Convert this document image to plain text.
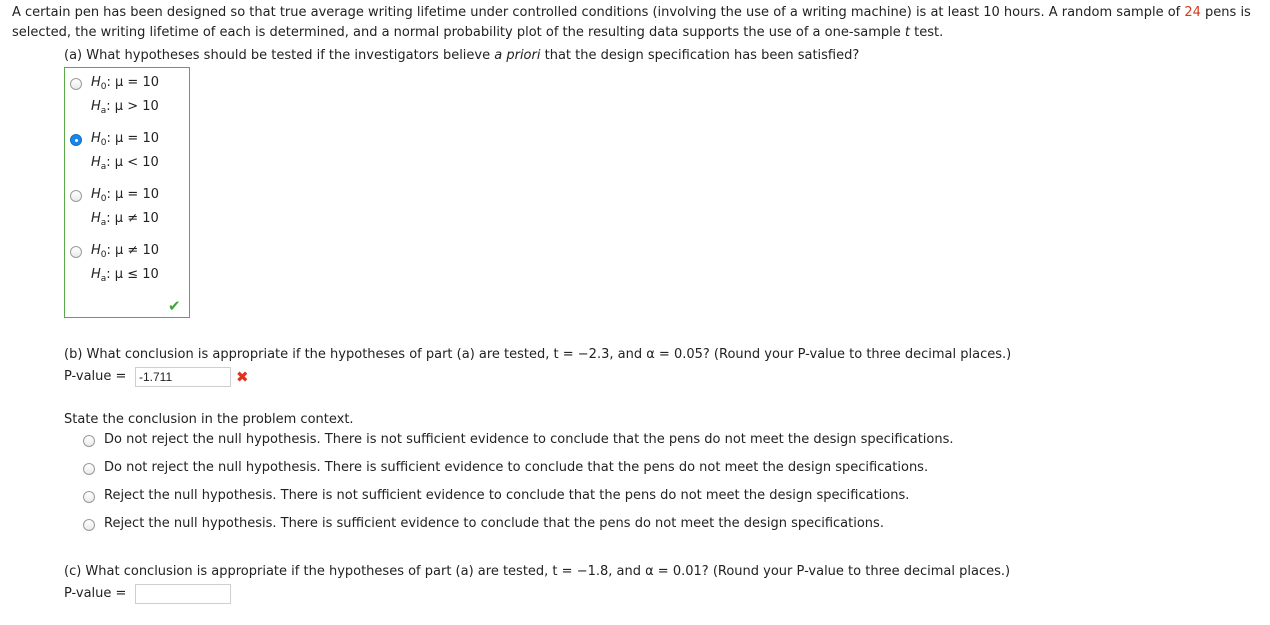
A certain pen has been designed so that true average writing lifetime under controlled conditions (involving the use of a writing machine) is at least 10 hours. A random sample of 24 pens is selected, the writing lifetime of each is determined, and a normal probability plot of the resulting data supports the use of a one-sample t test.
(a) What hypotheses should be tested if the investigators believe a priori that the design specification has been satisfied?
$H_0$: μ = 10
$H_a$: μ > 10
$H_0$: μ = 10
$H_a$: μ < 10
$H_0$: μ = 10
$H_a$: μ ≠ 10
$H_0$: μ ≠ 10
$H_a$: μ ≤ 10
✔
(b) What conclusion is appropriate if the hypotheses of part (a) are tested, t = −2.3, and α = 0.05? (Round your P-value to three decimal places.)
P-value =	-1.711	✖
State the conclusion in the problem context.
Do not reject the null hypothesis. There is not sufficient evidence to conclude that the pens do not meet the design specifications.
Do not reject the null hypothesis. There is sufficient evidence to conclude that the pens do not meet the design specifications.
Reject the null hypothesis. There is not sufficient evidence to conclude that the pens do not meet the design specifications.
Reject the null hypothesis. There is sufficient evidence to conclude that the pens do not meet the design specifications.
(c) What conclusion is appropriate if the hypotheses of part (a) are tested, t = −1.8, and α = 0.01? (Round your P-value to three decimal places.)
P-value =
